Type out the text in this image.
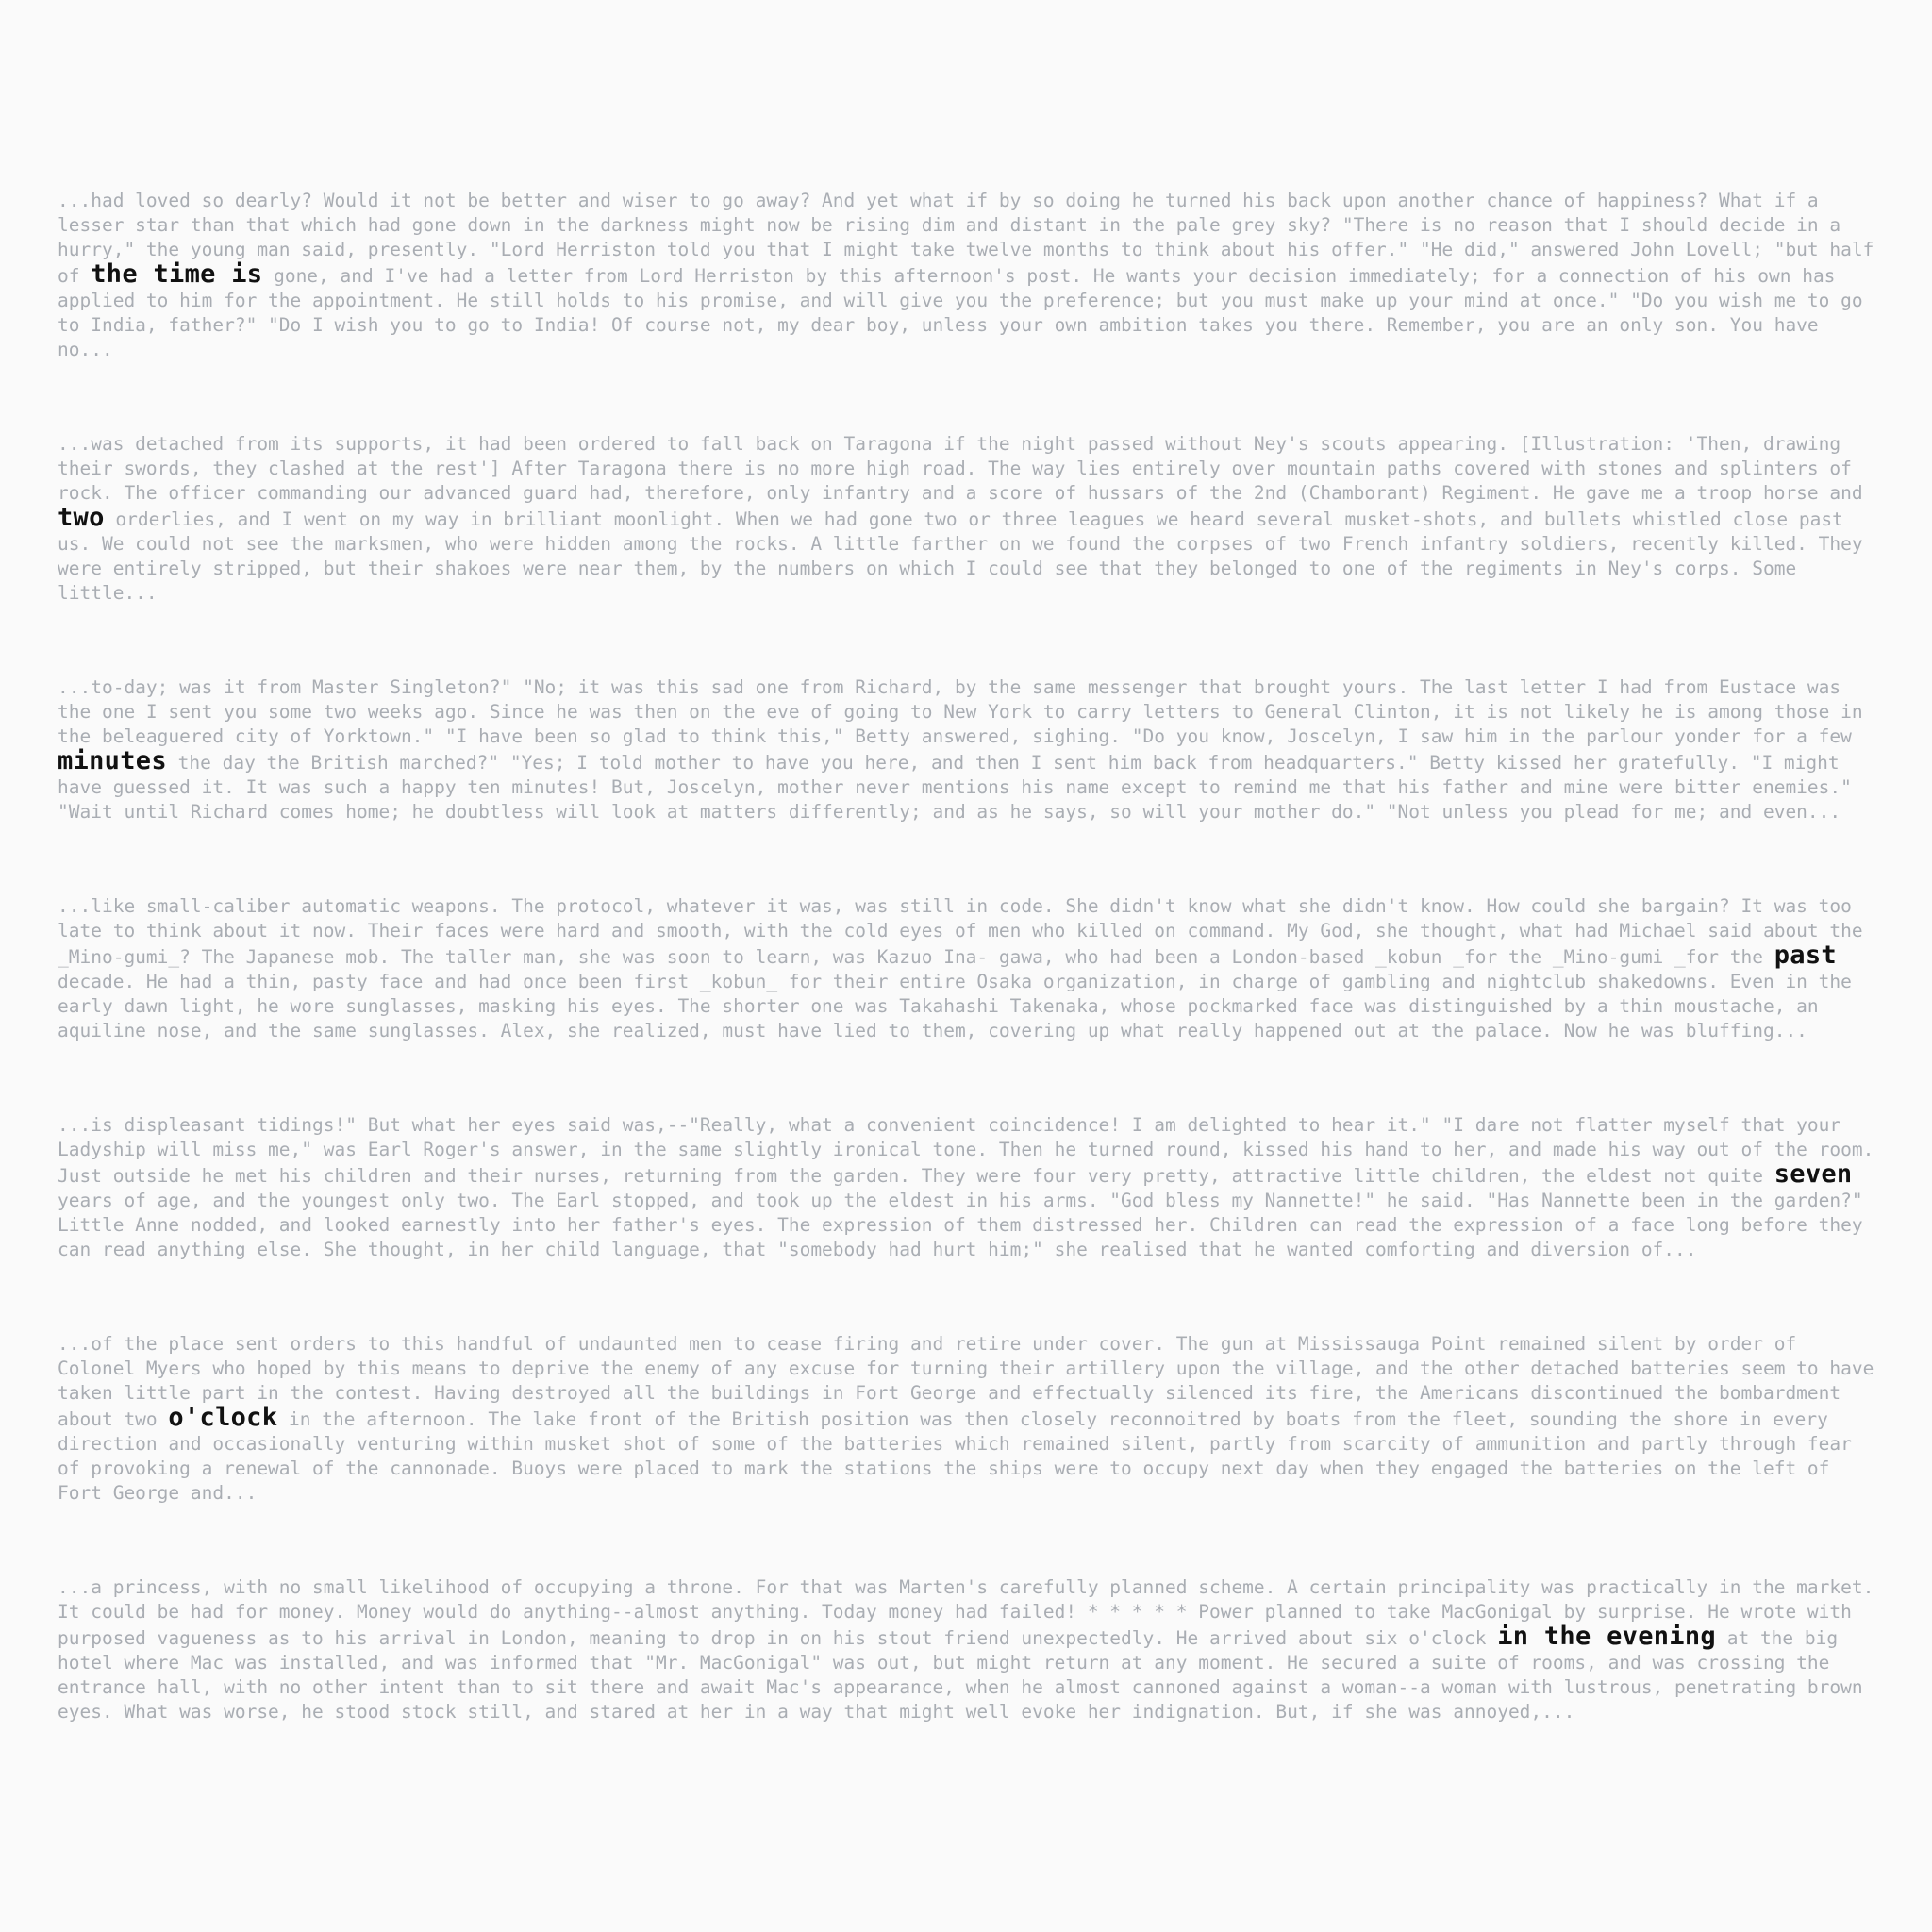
...had loved so dearly? Would it not be better and wiser to go away? And yet what if by so doing he turned his back upon another chance of happiness? What if a lesser star than that which had gone down in the darkness might now be rising dim and distant in the pale grey sky? "There is no reason that I should decide in a hurry," the young man said, presently. "Lord Herriston told you that I might take twelve months to think about his offer." "He did," answered John Lovell; "but half of the time is gone, and I've had a letter from Lord Herriston by this afternoon's post. He wants your decision immediately; for a connection of his own has applied to him for the appointment. He still holds to his promise, and will give you the preference; but you must make up your mind at once." "Do you wish me to go to India, father?" "Do I wish you to go to India! Of course not, my dear boy, unless your own ambition takes you there. Remember, you are an only son. You have no...

...was detached from its supports, it had been ordered to fall back on Taragona if the night passed without Ney's scouts appearing. [Illustration: 'Then, drawing their swords, they clashed at the rest'] After Taragona there is no more high road. The way lies entirely over mountain paths covered with stones and splinters of rock. The officer commanding our advanced guard had, therefore, only infantry and a score of hussars of the 2nd (Chamborant) Regiment. He gave me a troop horse and two orderlies, and I went on my way in brilliant moonlight. When we had gone two or three leagues we heard several musket-shots, and bullets whistled close past us. We could not see the marksmen, who were hidden among the rocks. A little farther on we found the corpses of two French infantry soldiers, recently killed. They were entirely stripped, but their shakoes were near them, by the numbers on which I could see that they belonged to one of the regiments in Ney's corps. Some little...

...to-day; was it from Master Singleton?" "No; it was this sad one from Richard, by the same messenger that brought yours. The last letter I had from Eustace was the one I sent you some two weeks ago. Since he was then on the eve of going to New York to carry letters to General Clinton, it is not likely he is among those in the beleaguered city of Yorktown." "I have been so glad to think this," Betty answered, sighing. "Do you know, Joscelyn, I saw him in the parlour yonder for a few minutes the day the British marched?" "Yes; I told mother to have you here, and then I sent him back from headquarters." Betty kissed her gratefully. "I might have guessed it. It was such a happy ten minutes! But, Joscelyn, mother never mentions his name except to remind me that his father and mine were bitter enemies." "Wait until Richard comes home; he doubtless will look at matters differently; and as he says, so will your mother do." "Not unless you plead for me; and even...

...like small-caliber automatic weapons. The protocol, whatever it was, was still in code. She didn't know what she didn't know. How could she bargain? It was too late to think about it now. Their faces were hard and smooth, with the cold eyes of men who killed on command. My God, she thought, what had Michael said about the _Mino-gumi_? The Japanese mob. The taller man, she was soon to learn, was Kazuo Ina- gawa, who had been a London-based _kobun _for the _Mino-gumi _for the past decade. He had a thin, pasty face and had once been first _kobun_ for their entire Osaka organization, in charge of gambling and nightclub shakedowns. Even in the early dawn light, he wore sunglasses, masking his eyes. The shorter one was Takahashi Takenaka, whose pockmarked face was distinguished by a thin moustache, an aquiline nose, and the same sunglasses. Alex, she realized, must have lied to them, covering up what really happened out at the palace. Now he was bluffing...

...is displeasant tidings!" But what her eyes said was,--"Really, what a convenient coincidence! I am delighted to hear it." "I dare not flatter myself that your Ladyship will miss me," was Earl Roger's answer, in the same slightly ironical tone. Then he turned round, kissed his hand to her, and made his way out of the room. Just outside he met his children and their nurses, returning from the garden. They were four very pretty, attractive little children, the eldest not quite seven years of age, and the youngest only two. The Earl stopped, and took up the eldest in his arms. "God bless my Nannette!" he said. "Has Nannette been in the garden?" Little Anne nodded, and looked earnestly into her father's eyes. The expression of them distressed her. Children can read the expression of a face long before they can read anything else. She thought, in her child language, that "somebody had hurt him;" she realised that he wanted comforting and diversion of...

...of the place sent orders to this handful of undaunted men to cease firing and retire under cover. The gun at Mississauga Point remained silent by order of Colonel Myers who hoped by this means to deprive the enemy of any excuse for turning their artillery upon the village, and the other detached batteries seem to have taken little part in the contest. Having destroyed all the buildings in Fort George and effectually silenced its fire, the Americans discontinued the bombardment about two o'clock in the afternoon. The lake front of the British position was then closely reconnoitred by boats from the fleet, sounding the shore in every direction and occasionally venturing within musket shot of some of the batteries which remained silent, partly from scarcity of ammunition and partly through fear of provoking a renewal of the cannonade. Buoys were placed to mark the stations the ships were to occupy next day when they engaged the batteries on the left of Fort George and...

...a princess, with no small likelihood of occupying a throne. For that was Marten's carefully planned scheme. A certain principality was practically in the market. It could be had for money. Money would do anything--almost anything. Today money had failed! * * * * * Power planned to take MacGonigal by surprise. He wrote with purposed vagueness as to his arrival in London, meaning to drop in on his stout friend unexpectedly. He arrived about six o'clock in the evening at the big hotel where Mac was installed, and was informed that "Mr. MacGonigal" was out, but might return at any moment. He secured a suite of rooms, and was crossing the entrance hall, with no other intent than to sit there and await Mac's appearance, when he almost cannoned against a woman--a woman with lustrous, penetrating brown eyes. What was worse, he stood stock still, and stared at her in a way that might well evoke her indignation. But, if she was annoyed,...
